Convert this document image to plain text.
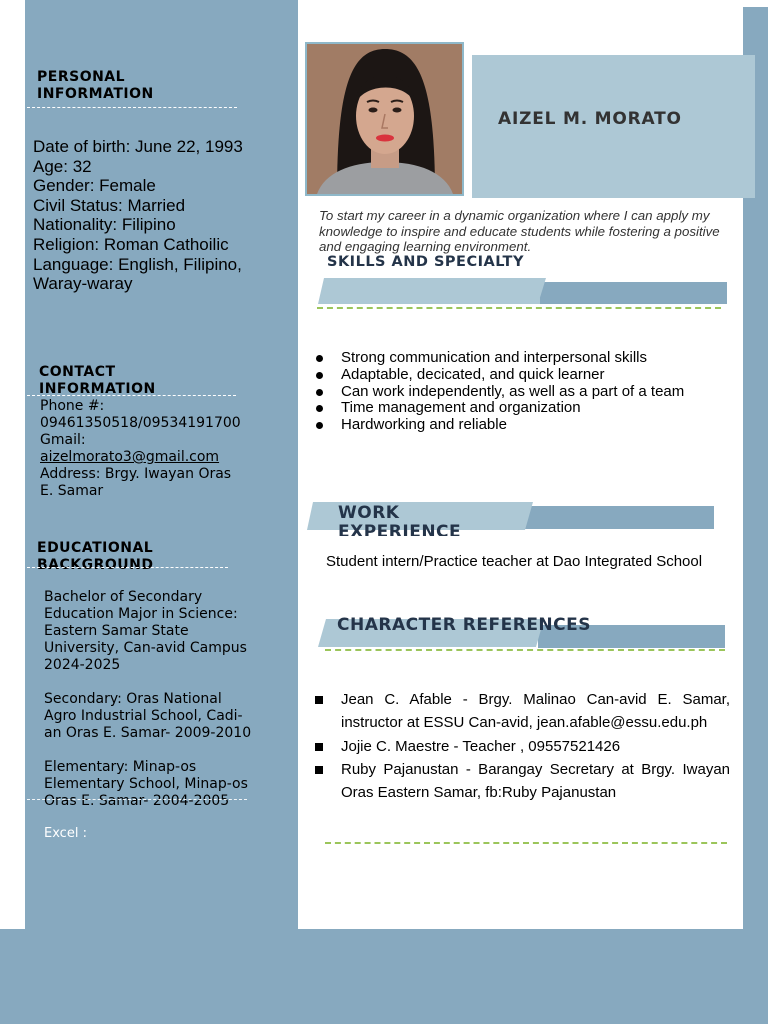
PERSONAL
INFORMATION
Date of birth: June 22, 1993
Age: 32
Gender: Female
Civil Status: Married
Nationality: Filipino
Religion: Roman Cathoilic
Language: English, Filipino,
Waray-waray
CONTACT
INFORMATION
Phone #:
09461350518/09534191700
Gmail:
aizelmorato3@gmail.com
Address: Brgy. Iwayan Oras
E. Samar
EDUCATIONAL
BACKGROUND
Bachelor of Secondary
Education Major in Science:
Eastern Samar State
University, Can-avid Campus
2024-2025
Secondary: Oras National
Agro Industrial School, Cadi-
an Oras E. Samar- 2009-2010
Elementary: Minap-os
Elementary School, Minap-os
Oras E. Samar- 2004-2005
Excel :
AIZEL M. MORATO
To start my career in a dynamic organization where I can apply my knowledge to inspire and educate students while fostering a positive and engaging learning environment.
SKILLS AND SPECIALTY
Strong communication and interpersonal skills
Adaptable, decicated, and quick learner
Can work independently, as well as a part of a team
Time management and organization
Hardworking and reliable
WORK
EXPERIENCE
Student intern/Practice teacher at Dao Integrated School
CHARACTER REFERENCES
Jean C. Afable - Brgy. Malinao Can-avid E. Samar, instructor at ESSU Can-avid, jean.afable@essu.edu.ph
Jojie C. Maestre - Teacher , 09557521426
Ruby Pajanustan - Barangay Secretary at Brgy. Iwayan Oras Eastern Samar, fb:Ruby Pajanustan
